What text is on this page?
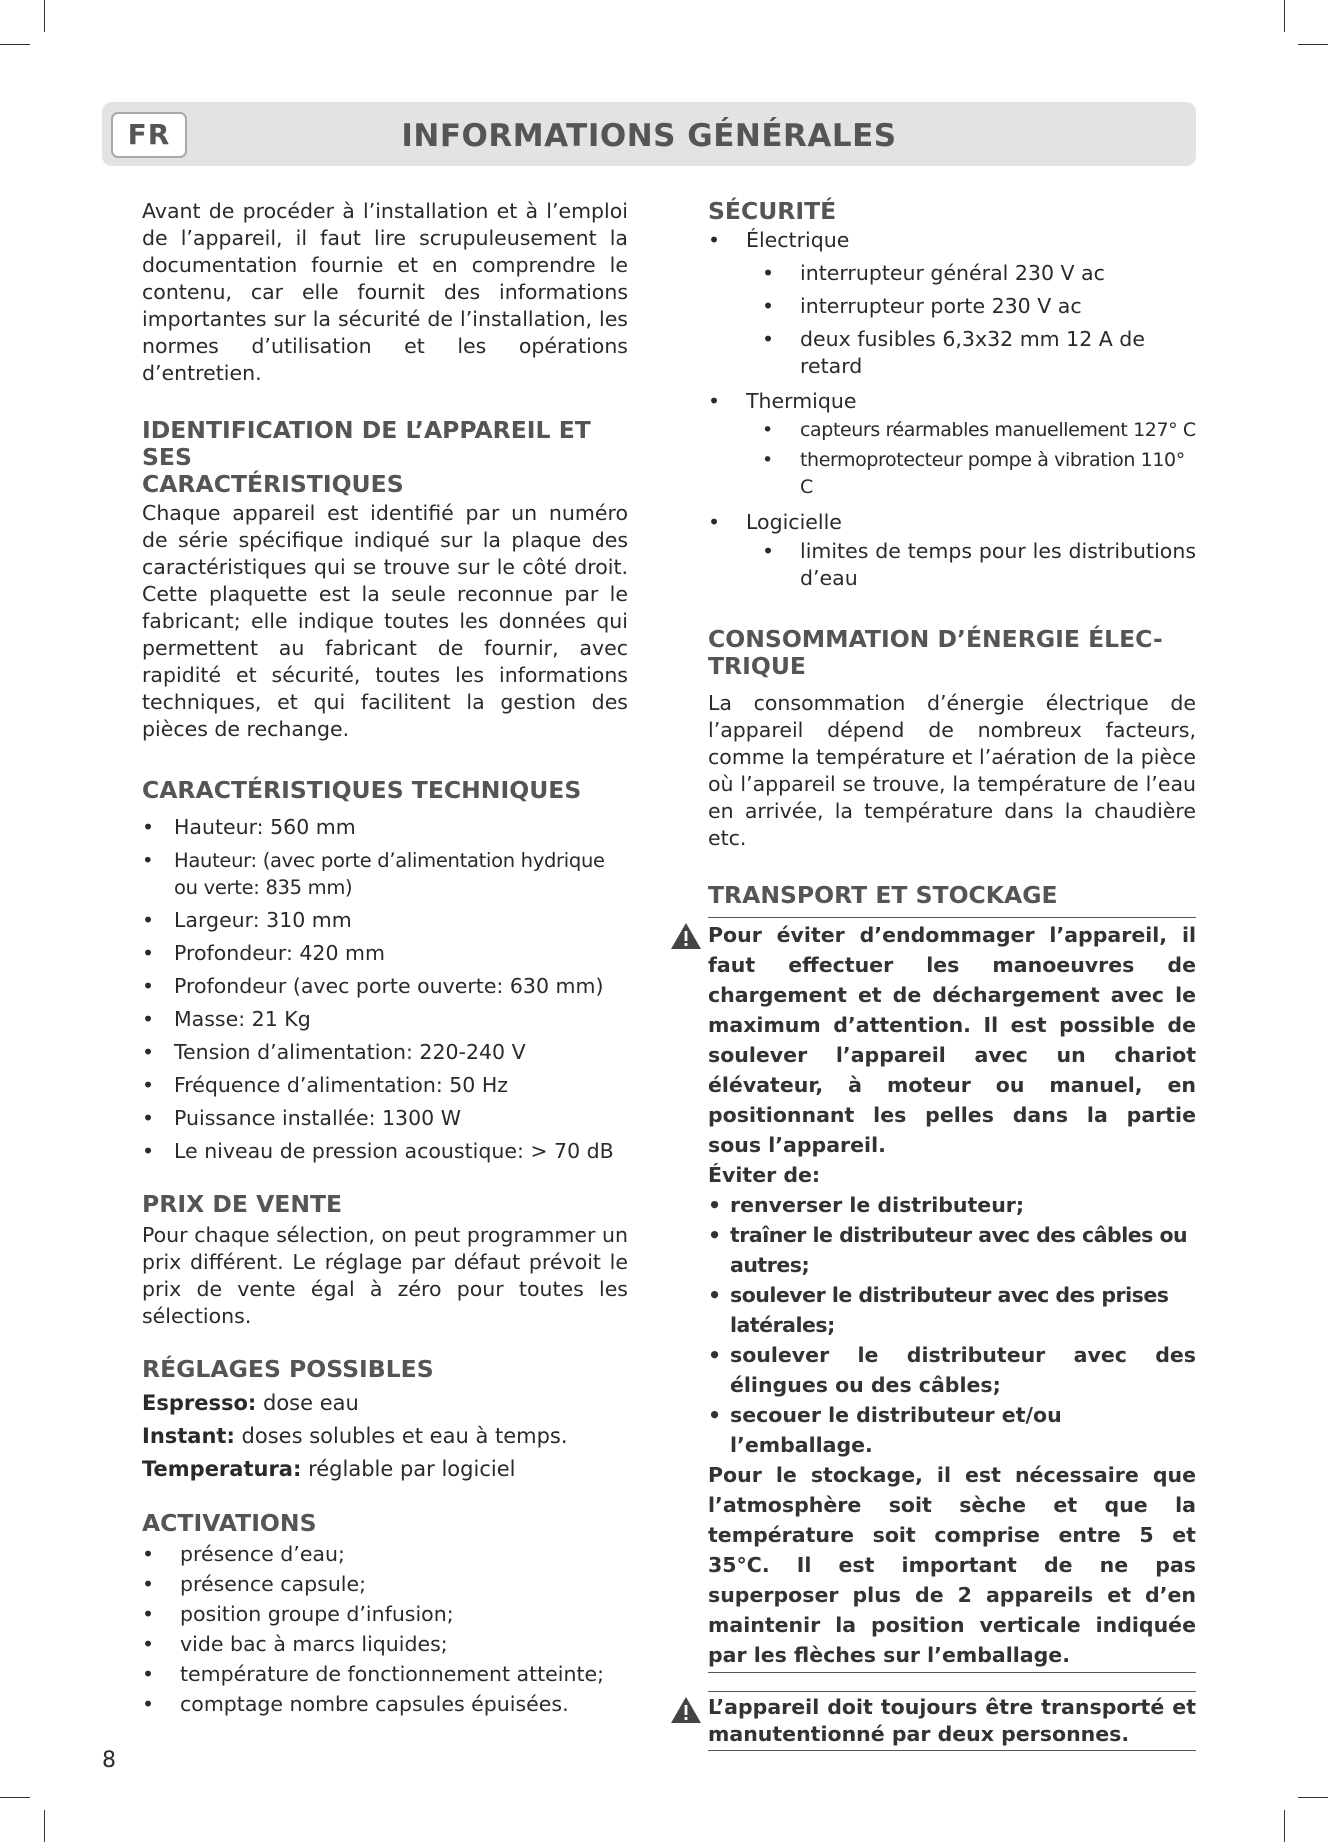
FR	INFORMATIONS GÉNÉRALES

Avant de procéder à l’installation et à l’emploi de l’appareil, il faut lire scrupuleusement la documentation fournie et en comprendre le contenu, car elle fournit des informations importantes sur la sécurité de l’installation, les normes d’utilisation et les opérations d’entretien.

IDENTIFICATION DE L’APPAREIL ET SES
CARACTÉRISTIQUES

Chaque appareil est identifié par un numéro de série spécifique indiqué sur la plaque des caractéristiques qui se trouve sur le côté droit. Cette plaquette est la seule reconnue par le fabricant; elle indique toutes les données qui permettent au fabricant de fournir, avec rapidité et sécurité, toutes les informations techniques, et qui facilitent la gestion des pièces de rechange.

CARACTÉRISTIQUES TECHNIQUES
• Hauteur: 560 mm
• Hauteur: (avec porte d’alimentation hydrique ou verte: 835 mm)
• Largeur: 310 mm
• Profondeur: 420 mm
• Profondeur (avec porte ouverte: 630 mm)
• Masse: 21 Kg
• Tension d’alimentation: 220-240 V
• Fréquence d’alimentation: 50 Hz
• Puissance installée: 1300 W
• Le niveau de pression acoustique: > 70 dB
PRIX DE VENTE

Pour chaque sélection, on peut programmer un prix différent. Le réglage par défaut prévoit le prix de vente égal à zéro pour toutes les sélections.

RÉGLAGES POSSIBLES
Espresso: dose eau
Instant: doses solubles et eau à temps.
Temperatura: réglable par logiciel
ACTIVATIONS
• présence d’eau;
• présence capsule;
• position groupe d’infusion;
• vide bac à marcs liquides;
• température de fonctionnement atteinte;
• comptage nombre capsules épuisées.
SÉCURITÉ
• Électrique
• interrupteur général 230 V ac
• interrupteur porte 230 V ac
• deux fusibles 6,3x32 mm 12 A de retard
• Thermique
• capteurs réarmables manuellement 127° C
• thermoprotecteur pompe à vibration 110° C
• Logicielle
• limites de temps pour les distributions d’eau
CONSOMMATION D’ÉNERGIE ÉLEC-
TRIQUE

La consommation d’énergie électrique de l’appareil dépend de nombreux facteurs, comme la température et l’aération de la pièce où l’appareil se trouve, la température de l’eau en arrivée, la température dans la chaudière etc.

TRANSPORT ET STOCKAGE

Pour éviter d’endommager l’appareil, il faut effectuer les manoeuvres de chargement et de déchargement avec le maximum d’attention. Il est possible de soulever l’appareil avec un chariot élévateur, à moteur ou manuel, en positionnant les pelles dans la partie sous l’appareil.

Éviter de:

• renverser le distributeur;
• traîner le distributeur avec des câbles ou autres;
• soulever le distributeur avec des prises latérales;
• soulever le distributeur avec des élingues ou des câbles;
• secouer le distributeur et/ou l’emballage.

Pour le stockage, il est nécessaire que l’atmosphère soit sèche et que la température soit comprise entre 5 et 35°C. Il est important de ne pas superposer plus de 2 appareils et d’en maintenir la position verticale indiquée par les flèches sur l’emballage.

L’appareil doit toujours être transporté et manutentionné par deux personnes.

8
